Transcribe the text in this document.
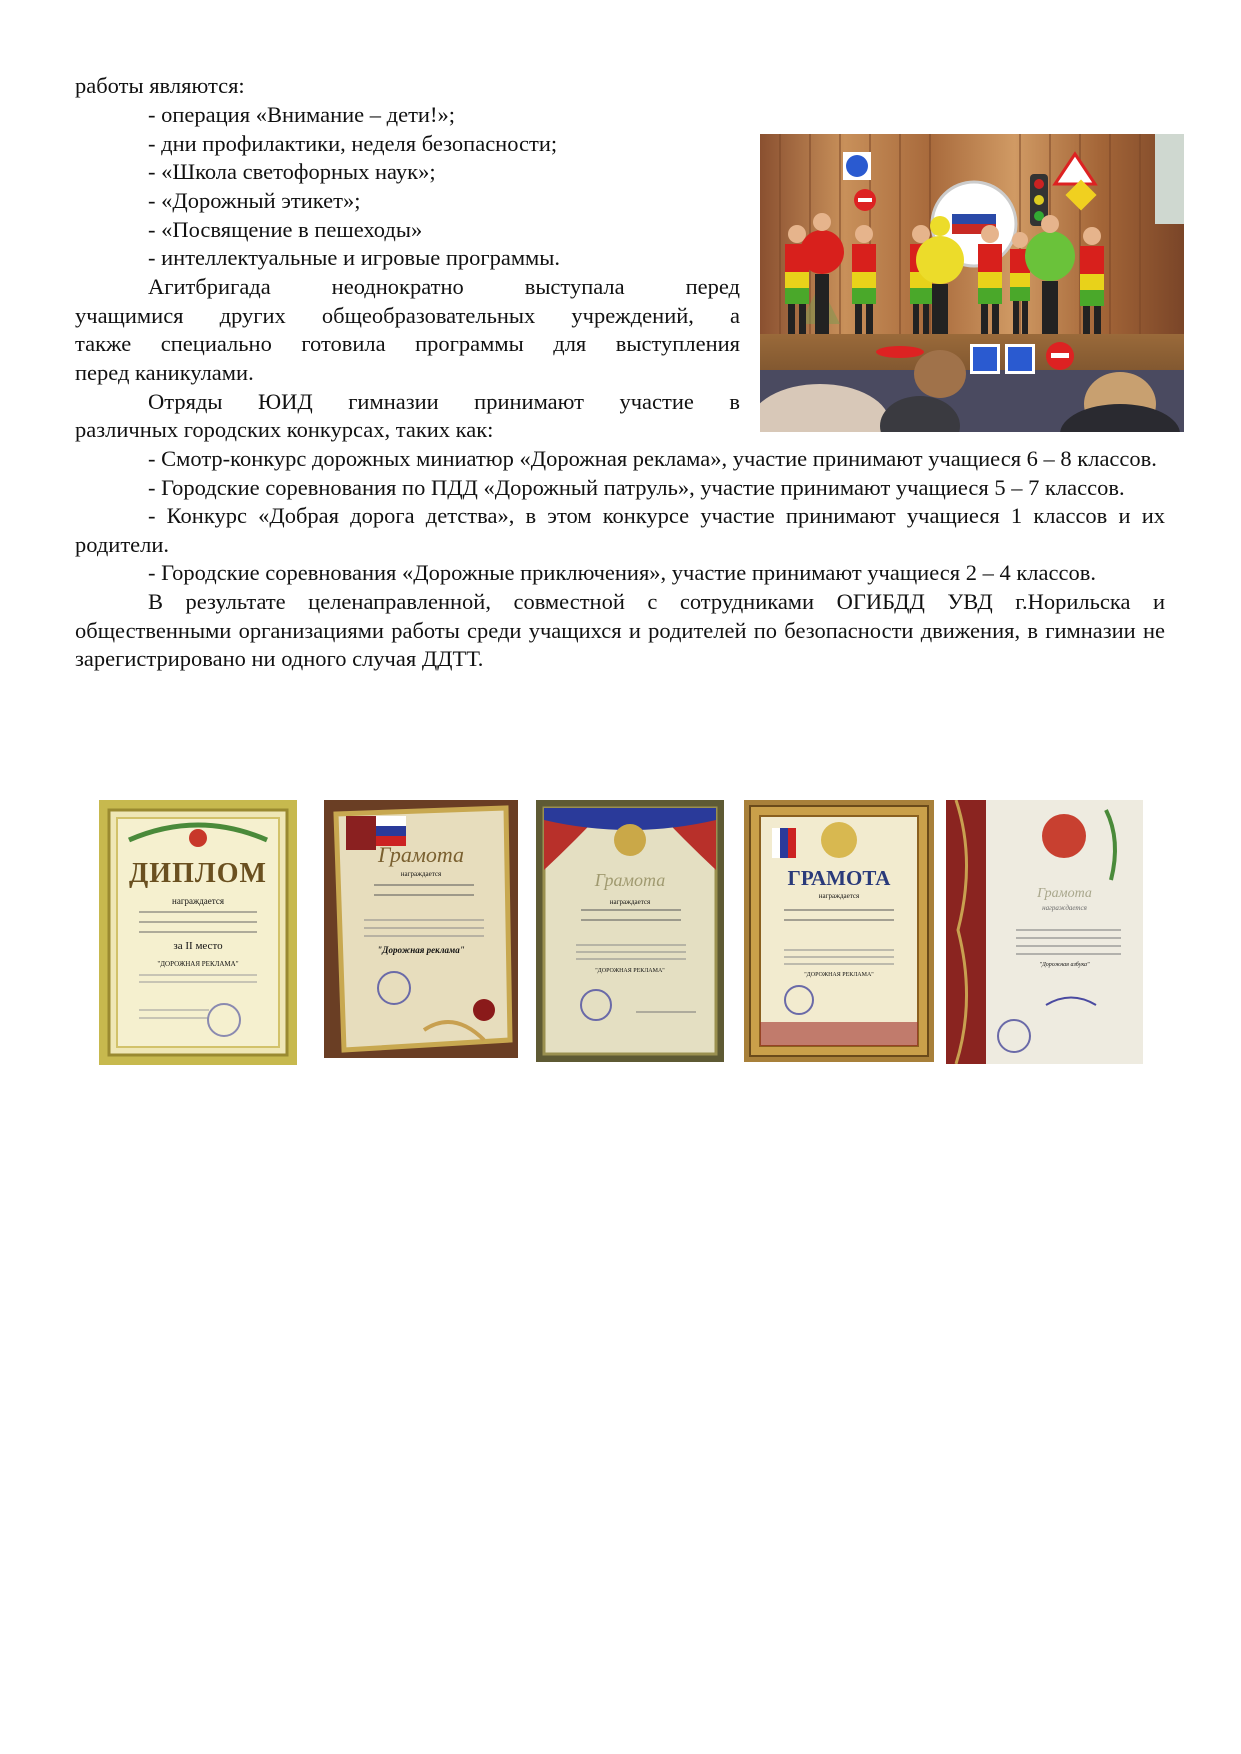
работы являются:
- операция «Внимание – дети!»;
- дни профилактики, неделя безопасности;
- «Школа светофорных наук»;
- «Дорожный этикет»;
- «Посвящение в пешеходы»
- интеллектуальные и игровые программы.
Агитбригада неоднократно выступала перед
учащимися других общеобразовательных учреждений, а
также специально готовила программы для выступления
перед каникулами.
Отряды ЮИД гимназии принимают участие в
различных городских конкурсах, таких как:

- Смотр-конкурс дорожных миниатюр «Дорожная реклама», участие принимают учащиеся 6 – 8 классов.

- Городские соревнования по ПДД «Дорожный патруль», участие принимают учащиеся 5 – 7 классов.

- Конкурс «Добрая дорога детства», в этом конкурсе участие принимают учащиеся 1 классов и их родители.

- Городские соревнования «Дорожные приключения», участие принимают учащиеся 2 – 4 классов.

В результате целенаправленной, совместной с сотрудниками ОГИБДД УВД г.Норильска и общественными организациями работы среди учащихся и родителей по безопасности движения, в гимназии не зарегистрировано ни одного случая ДДТТ.

ДИПЛОМ
награждается
за II место
"ДОРОЖНАЯ РЕКЛАМА"
Грамота
награждается
"Дорожная реклама"
Грамота
награждается
"ДОРОЖНАЯ РЕКЛАМА"
ГРАМОТА
награждается
"ДОРОЖНАЯ РЕКЛАМА"
Грамота
награждается
"Дорожная азбука"
